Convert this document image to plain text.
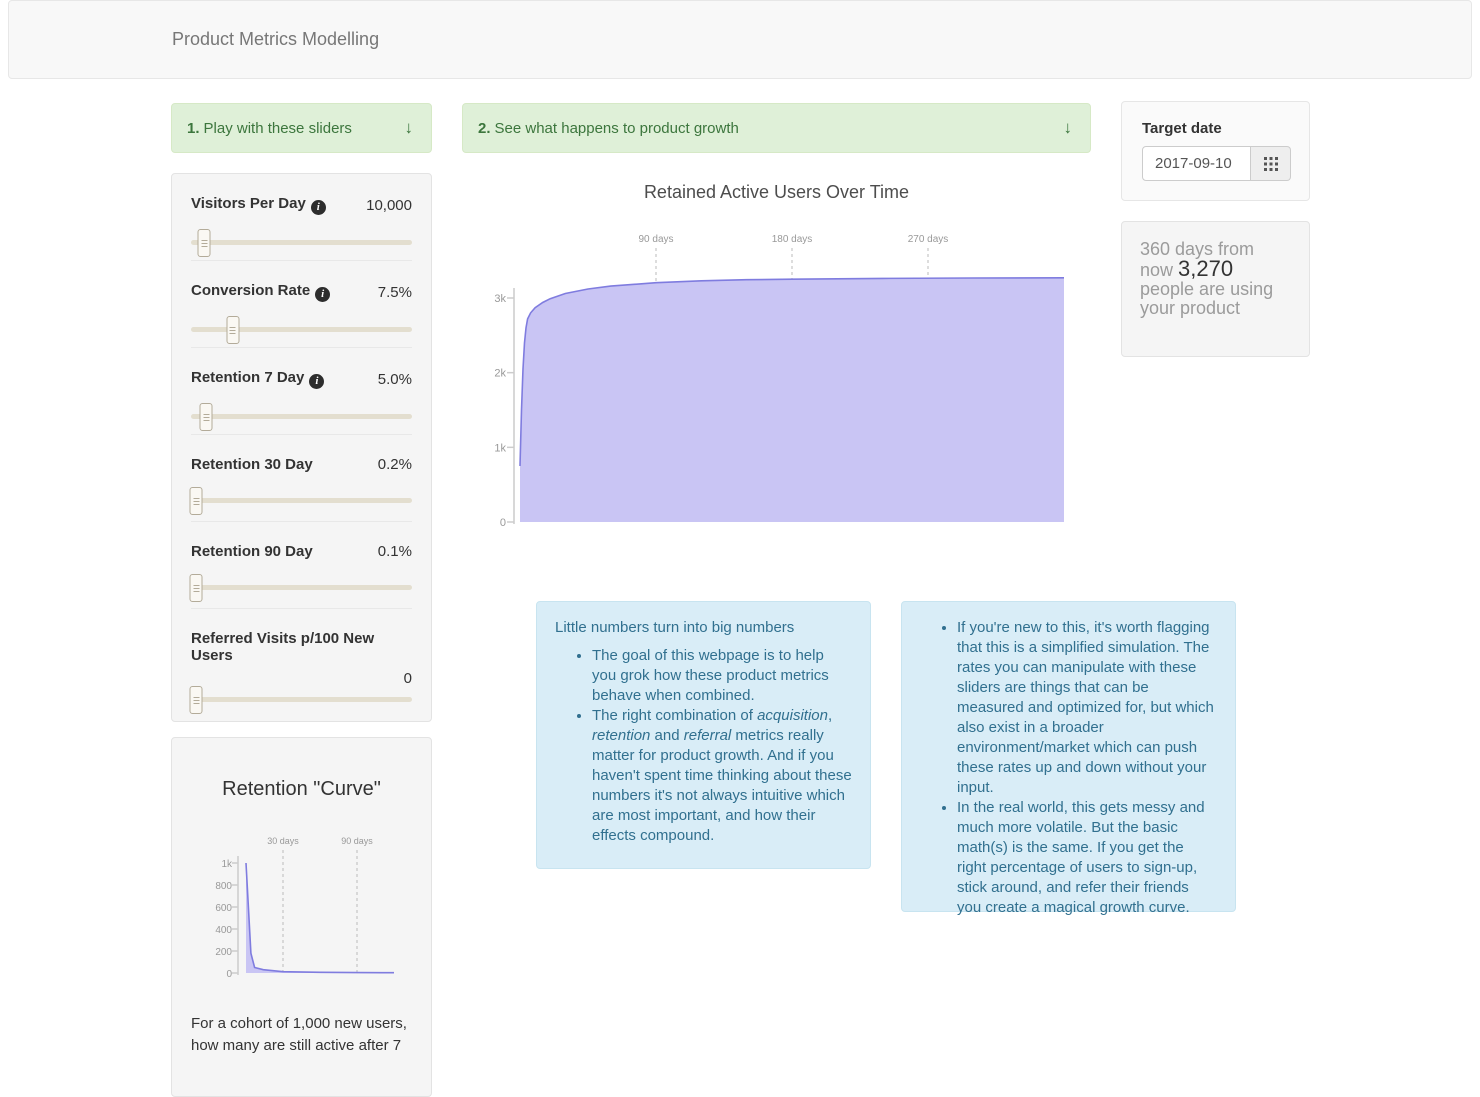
Product Metrics Modelling
1. Play with these sliders	↓	2. See what happens to product growth	↓
Visitors Per Day i	10,000
Conversion Rate i	7.5%
Retention 7 Day i	5.0%
Retention 30 Day	0.2%
Retention 90 Day	0.1%
Referred Visits p/100 New Users
0
Retained Active Users Over Time
90 days	180 days	270 days
0
1k
2k
3k
Target date
2017-09-10
360 days from now 3,270 people are using your product
Little numbers turn into big numbers
• The goal of this webpage is to help you grok how these product metrics behave when combined.
• The right combination of acquisition, retention and referral metrics really matter for product growth. And if you haven't spent time thinking about these numbers it's not always intuitive which are most important, and how their effects compound.
• If you're new to this, it's worth flagging that this is a simplified simulation. The rates you can manipulate with these sliders are things that can be measured and optimized for, but which also exist in a broader environment/market which can push these rates up and down without your input.
• In the real world, this gets messy and much more volatile. But the basic math(s) is the same. If you get the right percentage of users to sign-up, stick around, and refer their friends you create a magical growth curve.
Retention "Curve"
For a cohort of 1,000 new users,
how many are still active after 7
30 days	90 days
0
200
400
600
800
1k
